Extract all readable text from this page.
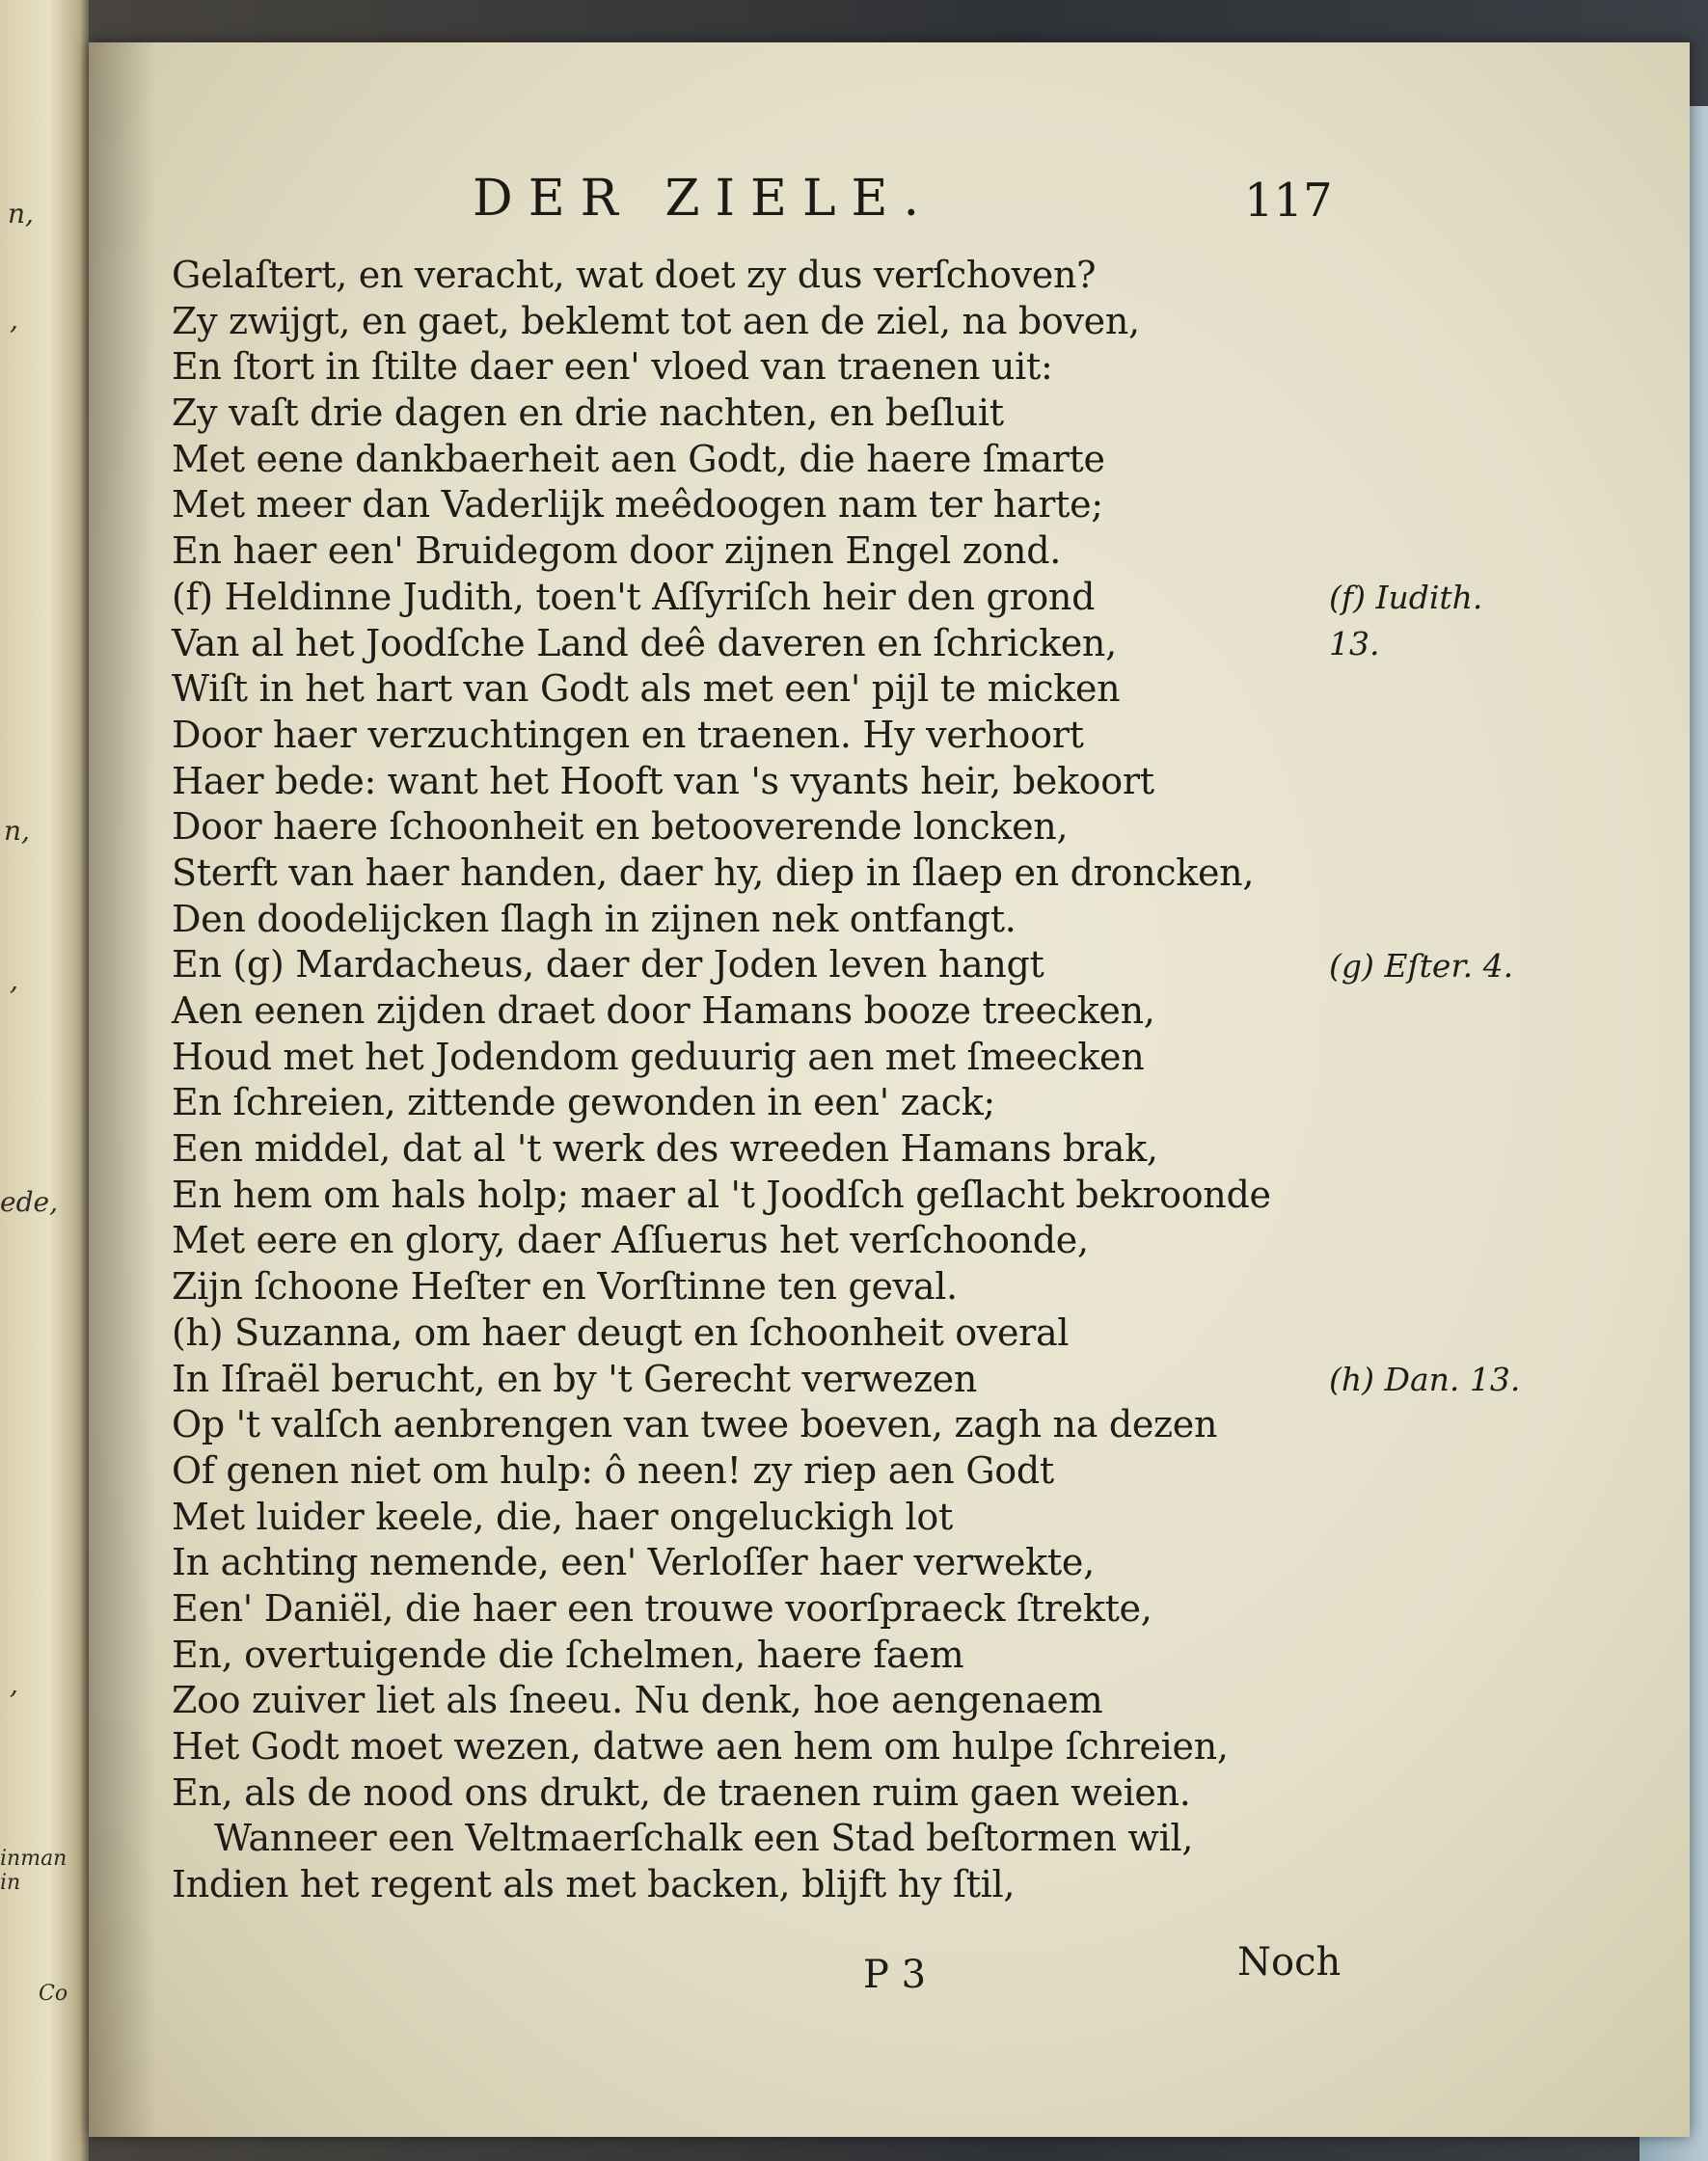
n,
,
n,
,
ede,
,
inman in
Co
DER ZIELE.	117
Gelaſtert, en veracht, wat doet zy dus verſchoven?
Zy zwijgt, en gaet, beklemt tot aen de ziel, na boven,
En ſtort in ſtilte daer een' vloed van traenen uit:
Zy vaſt drie dagen en drie nachten, en beſluit
Met eene dankbaerheit aen Godt, die haere ſmarte
Met meer dan Vaderlijk meêdoogen nam ter harte;
En haer een' Bruidegom door zijnen Engel zond.
(f) Heldinne Judith, toen't Aſſyriſch heir den grond
Van al het Joodſche Land deê daveren en ſchricken,
Wiſt in het hart van Godt als met een' pijl te micken
Door haer verzuchtingen en traenen. Hy verhoort
Haer bede: want het Hooft van 's vyants heir, bekoort
Door haere ſchoonheit en betooverende loncken,
Sterft van haer handen, daer hy, diep in ſlaep en droncken,
Den doodelijcken ſlagh in zijnen nek ontfangt.
En (g) Mardacheus, daer der Joden leven hangt
Aen eenen zijden draet door Hamans booze treecken,
Houd met het Jodendom geduurig aen met ſmeecken
En ſchreien, zittende gewonden in een' zack;
Een middel, dat al 't werk des wreeden Hamans brak,
En hem om hals holp; maer al 't Joodſch geſlacht bekroonde
Met eere en glory, daer Aſſuerus het verſchoonde,
Zijn ſchoone Heſter en Vorſtinne ten geval.
(h) Suzanna, om haer deugt en ſchoonheit overal
In Iſraël berucht, en by 't Gerecht verwezen
Op 't valſch aenbrengen van twee boeven, zagh na dezen
Of genen niet om hulp: ô neen! zy riep aen Godt
Met luider keele, die, haer ongeluckigh lot
In achting nemende, een' Verloſſer haer verwekte,
Een' Daniël, die haer een trouwe voorſpraeck ſtrekte,
En, overtuigende die ſchelmen, haere faem
Zoo zuiver liet als ſneeu. Nu denk, hoe aengenaem
Het Godt moet wezen, datwe aen hem om hulpe ſchreien,
En, als de nood ons drukt, de traenen ruim gaen weien.
Wanneer een Veltmaerſchalk een Stad beſtormen wil,
Indien het regent als met backen, blijft hy ſtil,
(f) Iudith.
13.
(g) Eſter. 4.
(h) Dan. 13.
P 3	Noch
